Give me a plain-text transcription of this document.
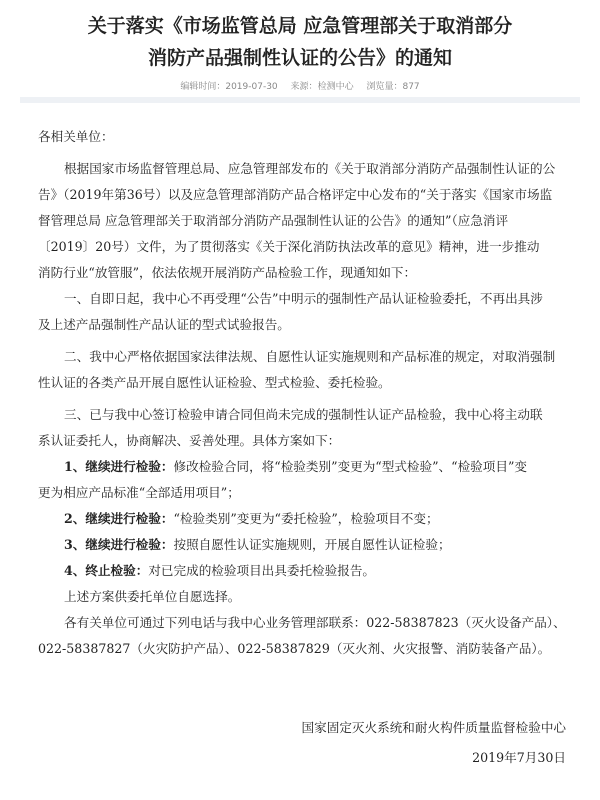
关于落实《市场监管总局 应急管理部关于取消部分
消防产品强制性认证的公告》的通知
编辑时间：2019-07-30 来源：检测中心 浏览量：877
各相关单位：
根据国家市场监督管理总局、应急管理部发布的《关于取消部分消防产品强制性认证的公
告》（2019年第36号）以及应急管理部消防产品合格评定中心发布的“关于落实《国家市场监
督管理总局 应急管理部关于取消部分消防产品强制性认证的公告》的通知”（应急消评
〔2019〕20号）文件，为了贯彻落实《关于深化消防执法改革的意见》精神，进一步推动
消防行业“放管服”，依法依规开展消防产品检验工作，现通知如下：
一、自即日起，我中心不再受理“公告”中明示的强制性产品认证检验委托，不再出具涉
及上述产品强制性产品认证的型式试验报告。
二、我中心严格依据国家法律法规、自愿性认证实施规则和产品标准的规定，对取消强制
性认证的各类产品开展自愿性认证检验、型式检验、委托检验。
三、已与我中心签订检验申请合同但尚未完成的强制性认证产品检验，我中心将主动联
系认证委托人，协商解决、妥善处理。具体方案如下：
1、继续进行检验：修改检验合同，将“检验类别”变更为“型式检验”、“检验项目”变
更为相应产品标准“全部适用项目”；
2、继续进行检验：“检验类别”变更为“委托检验”，检验项目不变；
3、继续进行检验：按照自愿性认证实施规则，开展自愿性认证检验；
4、终止检验：对已完成的检验项目出具委托检验报告。
上述方案供委托单位自愿选择。
各有关单位可通过下列电话与我中心业务管理部联系：022-58387823（灭火设备产品）、
022-58387827（火灾防护产品）、022-58387829（灭火剂、火灾报警、消防装备产品）。
国家固定灭火系统和耐火构件质量监督检验中心
2019年7月30日
